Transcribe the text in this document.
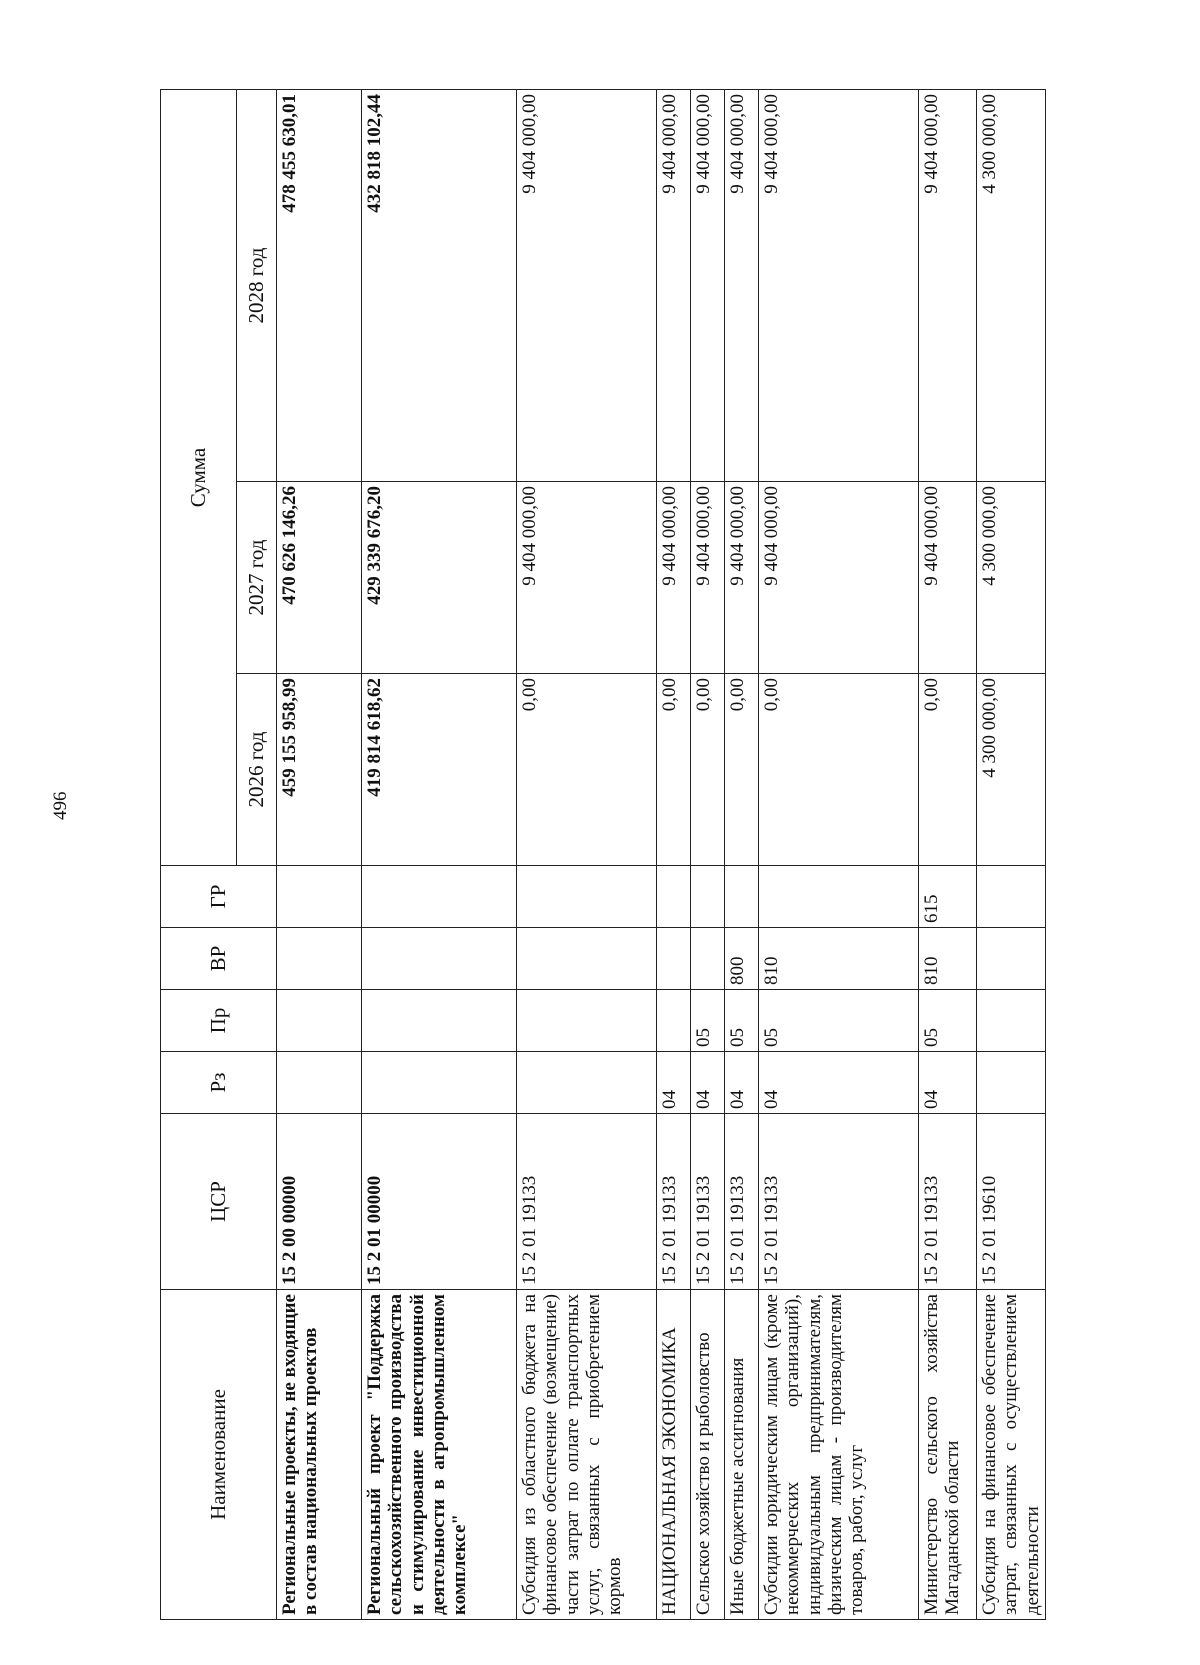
496
Наименование	ЦСР	Рз	Пр	ВР	ГР	Сумма		
						2026 год	2027 год	2028 год
Региональные проекты, не входящие в состав национальных проектов	15 2 00 00000					459 155 958,99	470 626 146,26	478 455 630,01
Региональный проект "Поддержка сельскохозяйственного производства и стимулирование инвестиционной деятельности в агропромышленном комплексе"	15 2 01 00000					419 814 618,62	429 339 676,20	432 818 102,44
Субсидия из областного бюджета на финансовое обеспечение (возмещение) части затрат по оплате транспортных услуг, связанных с приобретением кормов	15 2 01 19133					0,00	9 404 000,00	9 404 000,00
НАЦИОНАЛЬНАЯ ЭКОНОМИКА	15 2 01 19133	04				0,00	9 404 000,00	9 404 000,00
Сельское хозяйство и рыболовство	15 2 01 19133	04	05			0,00	9 404 000,00	9 404 000,00
Иные бюджетные ассигнования	15 2 01 19133	04	05	800		0,00	9 404 000,00	9 404 000,00
Субсидии юридическим лицам (кроме некоммерческих организаций), индивидуальным предпринимателям, физическим лицам - производителям товаров, работ, услуг	15 2 01 19133	04	05	810		0,00	9 404 000,00	9 404 000,00
Министерство сельского хозяйства Магаданской области	15 2 01 19133	04	05	810	615	0,00	9 404 000,00	9 404 000,00
Субсидия на финансовое обеспечение затрат, связанных с осуществлением деятельности	15 2 01 19610					4 300 000,00	4 300 000,00	4 300 000,00
